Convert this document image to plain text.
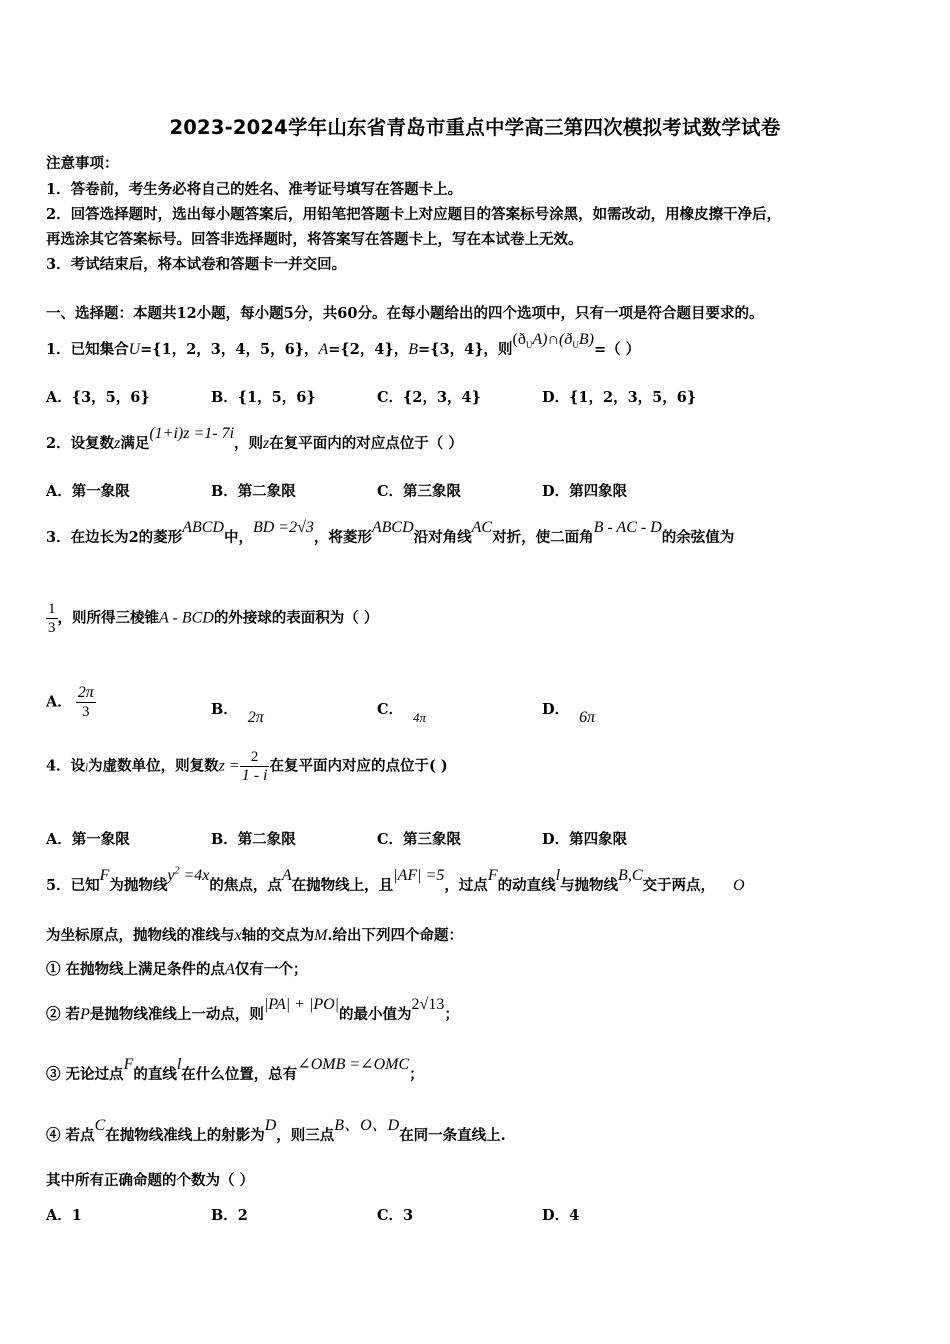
2023-2024学年山东省青岛市重点中学高三第四次模拟考试数学试卷
注意事项：
1．答卷前，考生务必将自己的姓名、准考证号填写在答题卡上。
2．回答选择题时，选出每小题答案后，用铅笔把答题卡上对应题目的答案标号涂黑，如需改动，用橡皮擦干净后，
再选涂其它答案标号。回答非选择题时，将答案写在答题卡上，写在本试卷上无效。
3．考试结束后，将本试卷和答题卡一并交回。
一、选择题：本题共12小题，每小题5分，共60分。在每小题给出的四个选项中，只有一项是符合题目要求的。
1．已知集合U={1，2，3，4，5，6}，A={2，4}，B={3，4}，则$(ð_UA)\cap(ð_UB)=$（ ）
A．{3，5，6}	B．{1，5，6}	C．{2，3，4}	D．{1，2，3，5，6}
2．设复数z满足(1+i)z =1- 7i，则z在复平面内的对应点位于（ ）
A．第一象限	B．第二象限	C．第三象限	D．第四象限
3．在边长为2的菱形ABCD中，BD =2√3，将菱形ABCD沿对角线AC对折，使二面角B - AC - D的余弦值为
$\frac{1}{3}$ ，则所得三棱锥A - BCD的外接球的表面积为（ ）
A． $\frac{2\pi}{3}$	B． 2π	C． 4π	D． 6π
4．设i为虚数单位，则复数$z = \frac{2}{1 - i}$ 在复平面内对应的点位于( )
A．第一象限	B．第二象限	C．第三象限	D．第四象限
5．已知F为抛物线$y^2 =4x$的焦点，点A在抛物线上，且|AF| =5，过点F的动直线l与抛物线B,C交于两点， O
为坐标原点，抛物线的准线与x轴的交点为M.给出下列四个命题：
① 在抛物线上满足条件的点A仅有一个；
② 若P是抛物线准线上一动点，则|PA| + |PO|的最小值为2√13；
③ 无论过点F的直线l在什么位置，总有∠OMB =∠OMC；
④ 若点C在抛物线准线上的射影为D，则三点B、O、D在同一条直线上.
其中所有正确命题的个数为（ ）
A．1	B．2	C．3	D．4
